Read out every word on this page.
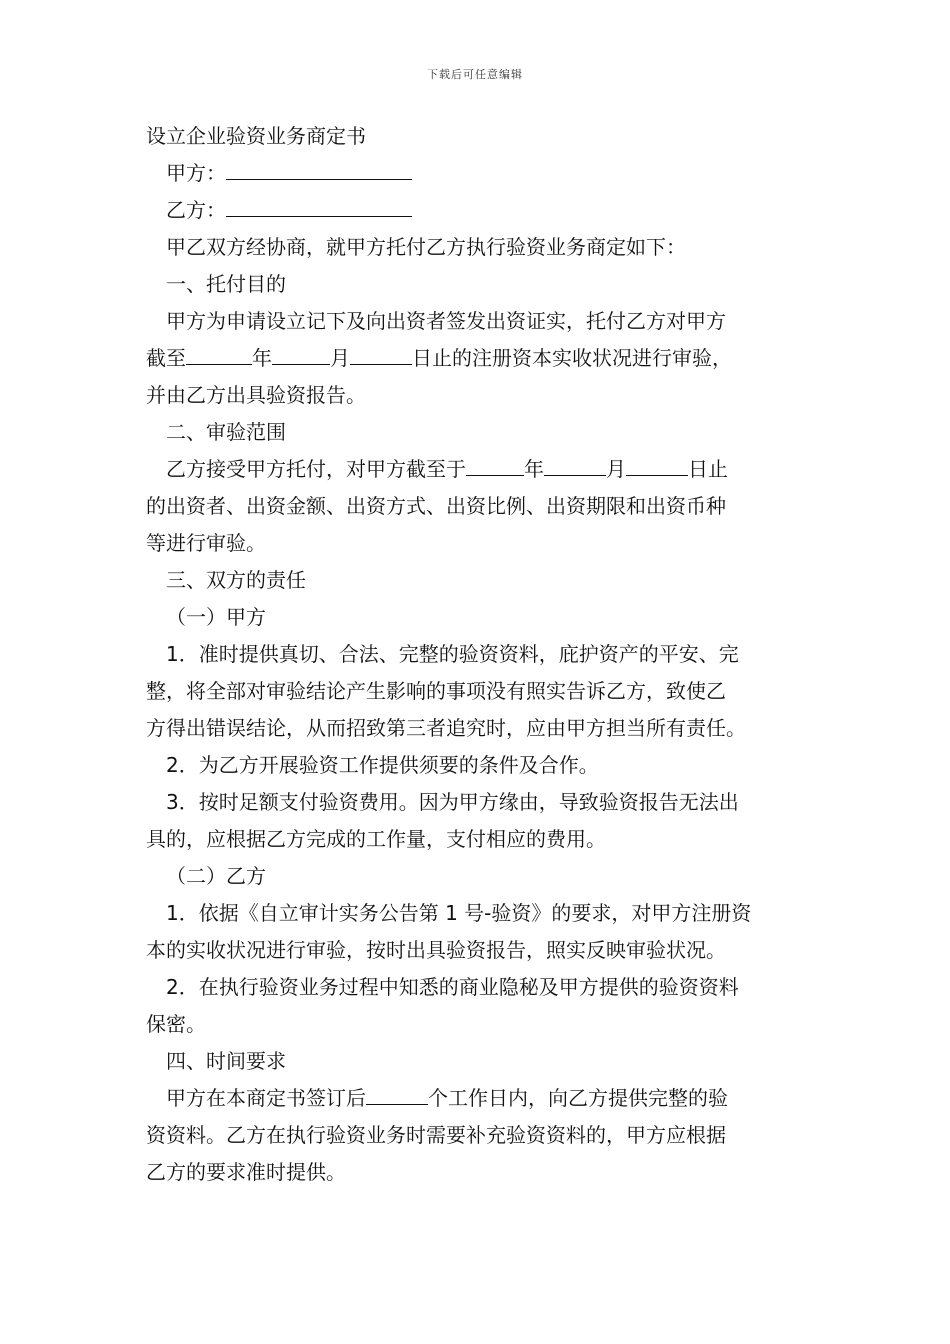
下载后可任意编辑
设立企业验资业务商定书
甲方：
乙方：
甲乙双方经协商，就甲方托付乙方执行验资业务商定如下：
一、托付目的
甲方为申请设立记下及向出资者签发出资证实，托付乙方对甲方
截至	年	月	日止的注册资本实收状况进行审验，
并由乙方出具验资报告。
二、审验范围
乙方接受甲方托付，对甲方截至于	年	月	日止
的出资者、出资金额、出资方式、出资比例、出资期限和出资币种
等进行审验。
三、双方的责任
（一）甲方
1．准时提供真切、合法、完整的验资资料，庇护资产的平安、完
整，将全部对审验结论产生影响的事项没有照实告诉乙方，致使乙
方得出错误结论，从而招致第三者追究时，应由甲方担当所有责任。
2．为乙方开展验资工作提供须要的条件及合作。
3．按时足额支付验资费用。因为甲方缘由，导致验资报告无法出
具的，应根据乙方完成的工作量，支付相应的费用。
（二）乙方
1．依据《自立审计实务公告第 1 号-验资》的要求，对甲方注册资
本的实收状况进行审验，按时出具验资报告，照实反映审验状况。
2．在执行验资业务过程中知悉的商业隐秘及甲方提供的验资资料
保密。
四、时间要求
甲方在本商定书签订后	个工作日内，向乙方提供完整的验
资资料。乙方在执行验资业务时需要补充验资资料的，甲方应根据
乙方的要求准时提供。
